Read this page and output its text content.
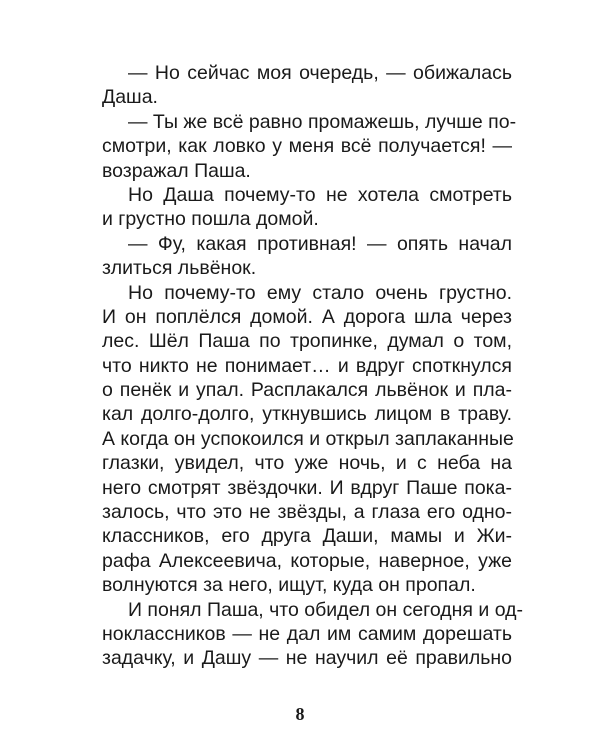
— Но сейчас моя очередь, — обижалась
Даша.
— Ты же всё равно промажешь, лучше по-
смотри, как ловко у меня всё получается! —
возражал Паша.
Но Даша почему-то не хотела смотреть
и грустно пошла домой.
— Фу, какая противная! — опять начал
злиться львёнок.
Но почему-то ему стало очень грустно.
И он поплёлся домой. А дорога шла через
лес. Шёл Паша по тропинке, думал о том,
что никто не понимает… и вдруг споткнулся
о пенёк и упал. Расплакался львёнок и пла-
кал долго-долго, уткнувшись лицом в траву.
А когда он успокоился и открыл заплаканные
глазки, увидел, что уже ночь, и с неба на
него смотрят звёздочки. И вдруг Паше пока-
залось, что это не звёзды, а глаза его одно-
классников, его друга Даши, мамы и Жи-
рафа Алексеевича, которые, наверное, уже
волнуются за него, ищут, куда он пропал.
И понял Паша, что обидел он сегодня и од-
ноклассников — не дал им самим дорешать
задачку, и Дашу — не научил её правильно
8
